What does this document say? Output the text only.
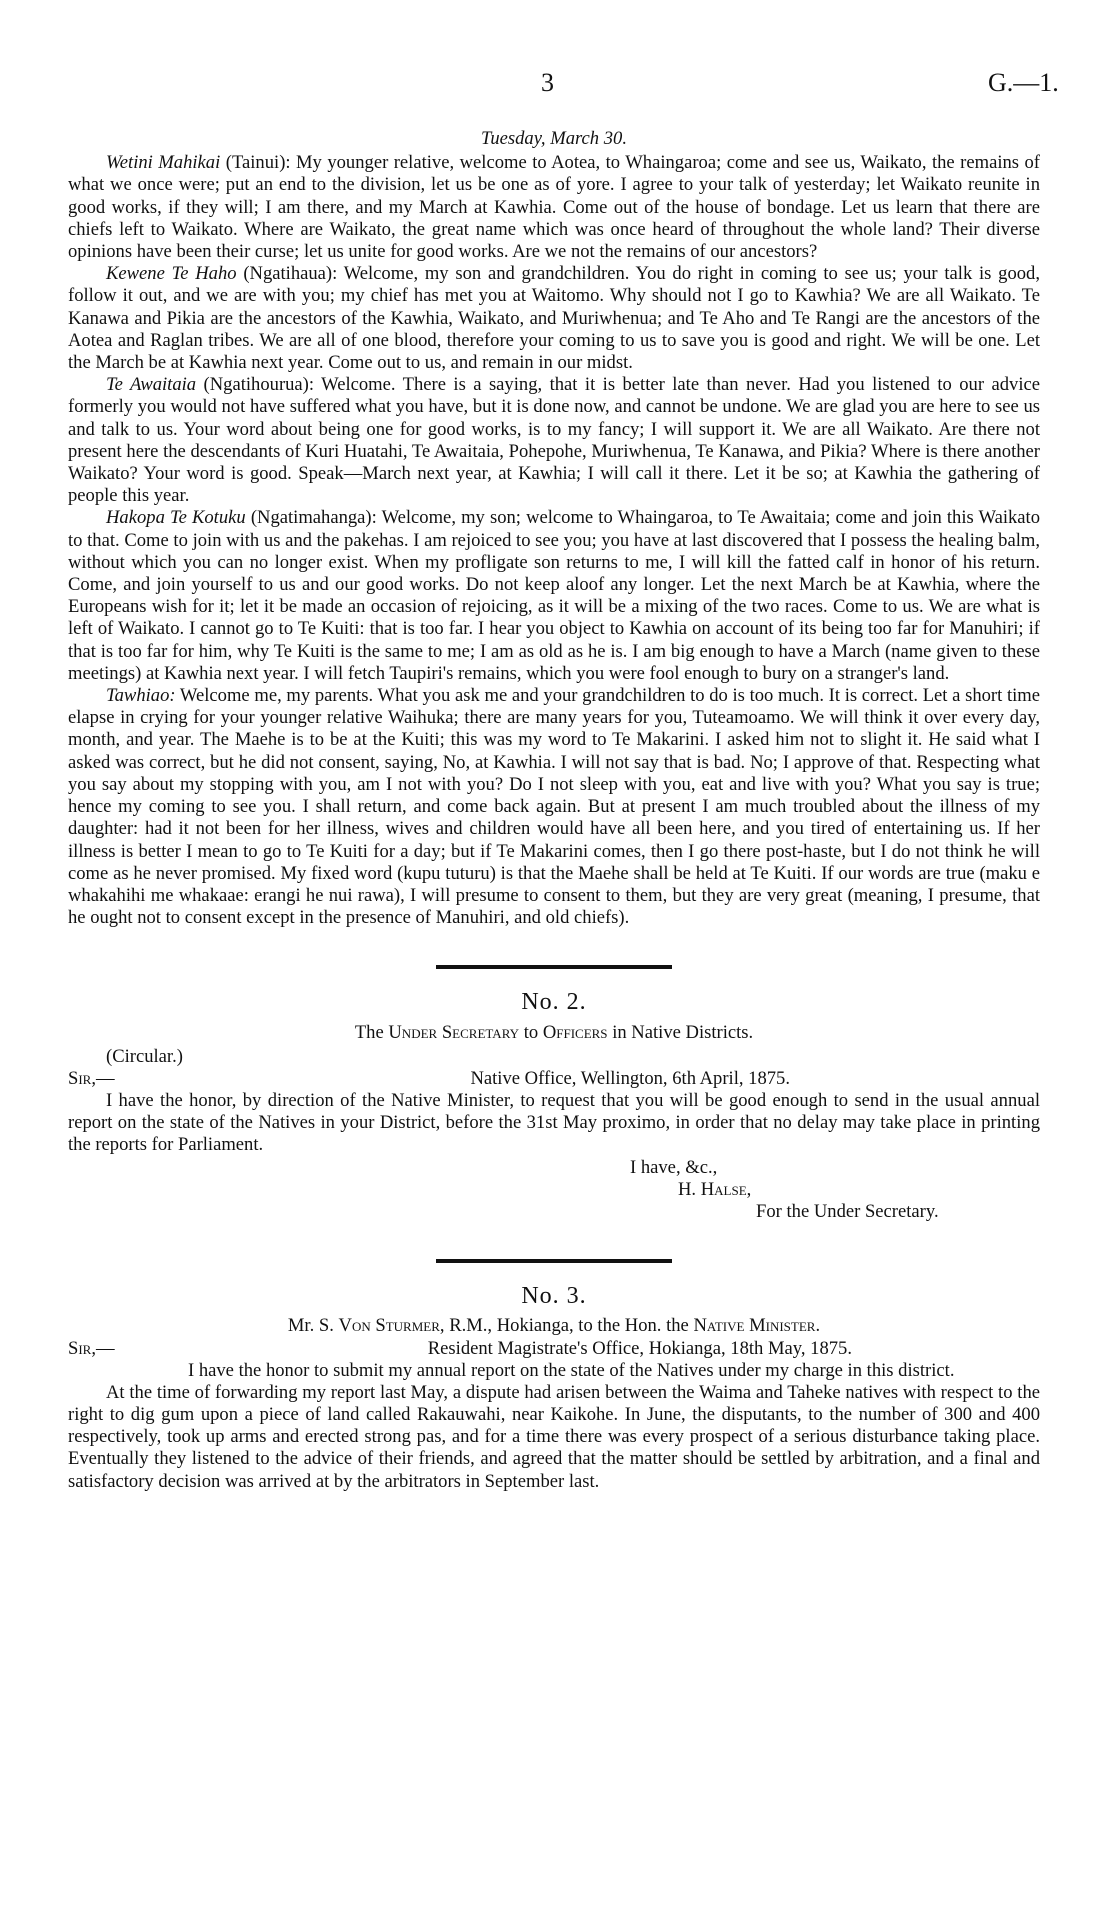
3	G.—1.
Tuesday, March 30.

Wetini Mahikai (Tainui): My younger relative, welcome to Aotea, to Whaingaroa; come and see us, Waikato, the remains of what we once were; put an end to the division, let us be one as of yore. I agree to your talk of yesterday; let Waikato reunite in good works, if they will; I am there, and my March at Kawhia. Come out of the house of bondage. Let us learn that there are chiefs left to Waikato. Where are Waikato, the great name which was once heard of throughout the whole land? Their diverse opinions have been their curse; let us unite for good works. Are we not the remains of our ancestors?

Kewene Te Haho (Ngatihaua): Welcome, my son and grandchildren. You do right in coming to see us; your talk is good, follow it out, and we are with you; my chief has met you at Waitomo. Why should not I go to Kawhia? We are all Waikato. Te Kanawa and Pikia are the ancestors of the Kawhia, Waikato, and Muriwhenua; and Te Aho and Te Rangi are the ancestors of the Aotea and Raglan tribes. We are all of one blood, therefore your coming to us to save you is good and right. We will be one. Let the March be at Kawhia next year. Come out to us, and remain in our midst.

Te Awaitaia (Ngatihourua): Welcome. There is a saying, that it is better late than never. Had you listened to our advice formerly you would not have suffered what you have, but it is done now, and cannot be undone. We are glad you are here to see us and talk to us. Your word about being one for good works, is to my fancy; I will support it. We are all Waikato. Are there not present here the descendants of Kuri Huatahi, Te Awaitaia, Pohepohe, Muriwhenua, Te Kanawa, and Pikia? Where is there another Waikato? Your word is good. Speak—March next year, at Kawhia; I will call it there. Let it be so; at Kawhia the gathering of people this year.

Hakopa Te Kotuku (Ngatimahanga): Welcome, my son; welcome to Whaingaroa, to Te Awaitaia; come and join this Waikato to that. Come to join with us and the pakehas. I am rejoiced to see you; you have at last discovered that I possess the healing balm, without which you can no longer exist. When my profligate son returns to me, I will kill the fatted calf in honor of his return. Come, and join yourself to us and our good works. Do not keep aloof any longer. Let the next March be at Kawhia, where the Europeans wish for it; let it be made an occasion of rejoicing, as it will be a mixing of the two races. Come to us. We are what is left of Waikato. I cannot go to Te Kuiti: that is too far. I hear you object to Kawhia on account of its being too far for Manuhiri; if that is too far for him, why Te Kuiti is the same to me; I am as old as he is. I am big enough to have a March (name given to these meetings) at Kawhia next year. I will fetch Taupiri's remains, which you were fool enough to bury on a stranger's land.

Tawhiao: Welcome me, my parents. What you ask me and your grandchildren to do is too much. It is correct. Let a short time elapse in crying for your younger relative Waihuka; there are many years for you, Tuteamoamo. We will think it over every day, month, and year. The Maehe is to be at the Kuiti; this was my word to Te Makarini. I asked him not to slight it. He said what I asked was correct, but he did not consent, saying, No, at Kawhia. I will not say that is bad. No; I approve of that. Respecting what you say about my stopping with you, am I not with you? Do I not sleep with you, eat and live with you? What you say is true; hence my coming to see you. I shall return, and come back again. But at present I am much troubled about the illness of my daughter: had it not been for her illness, wives and children would have all been here, and you tired of entertaining us. If her illness is better I mean to go to Te Kuiti for a day; but if Te Makarini comes, then I go there post-haste, but I do not think he will come as he never promised. My fixed word (kupu tuturu) is that the Maehe shall be held at Te Kuiti. If our words are true (maku e whakahihi me whakaae: erangi he nui rawa), I will presume to consent to them, but they are very great (meaning, I presume, that he ought not to consent except in the presence of Manuhiri, and old chiefs).

No. 2.
The Under Secretary to Officers in Native Districts.
(Circular.)
Sir,—	Native Office, Wellington, 6th April, 1875.

I have the honor, by direction of the Native Minister, to request that you will be good enough to send in the usual annual report on the state of the Natives in your District, before the 31st May proximo, in order that no delay may take place in printing the reports for Parliament.

I have, &c.,

H. Halse,

For the Under Secretary.

No. 3.
Mr. S. Von Sturmer, R.M., Hokianga, to the Hon. the Native Minister.
Sir,—	Resident Magistrate's Office, Hokianga, 18th May, 1875.

I have the honor to submit my annual report on the state of the Natives under my charge in this district.

At the time of forwarding my report last May, a dispute had arisen between the Waima and Taheke natives with respect to the right to dig gum upon a piece of land called Rakauwahi, near Kaikohe. In June, the disputants, to the number of 300 and 400 respectively, took up arms and erected strong pas, and for a time there was every prospect of a serious disturbance taking place. Eventually they listened to the advice of their friends, and agreed that the matter should be settled by arbitration, and a final and satisfactory decision was arrived at by the arbitrators in September last.
